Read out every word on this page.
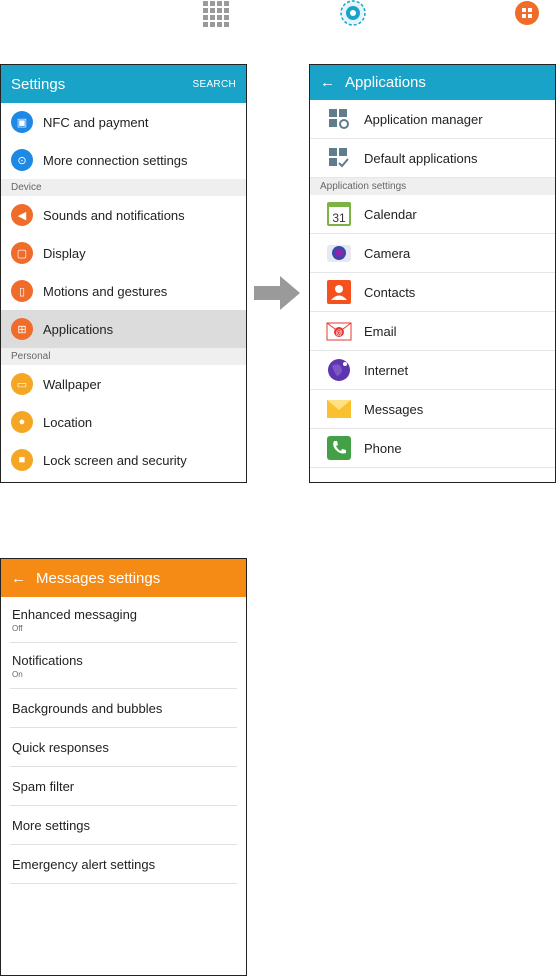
Settings	SEARCH
▣	NFC and payment
⊙	More connection settings
Device
◀	Sounds and notifications
▢	Display
▯	Motions and gestures
⊞	Applications
Personal
▭	Wallpaper
●	Location
■	Lock screen and security
← Applications
Application manager
Default applications
Application settings
31 Calendar
Camera
Contacts
@ Email
Internet
Messages
Phone
← Messages settings
Enhanced messaging
Off
Notifications
On
Backgrounds and bubbles
Quick responses
Spam filter
More settings
Emergency alert settings
